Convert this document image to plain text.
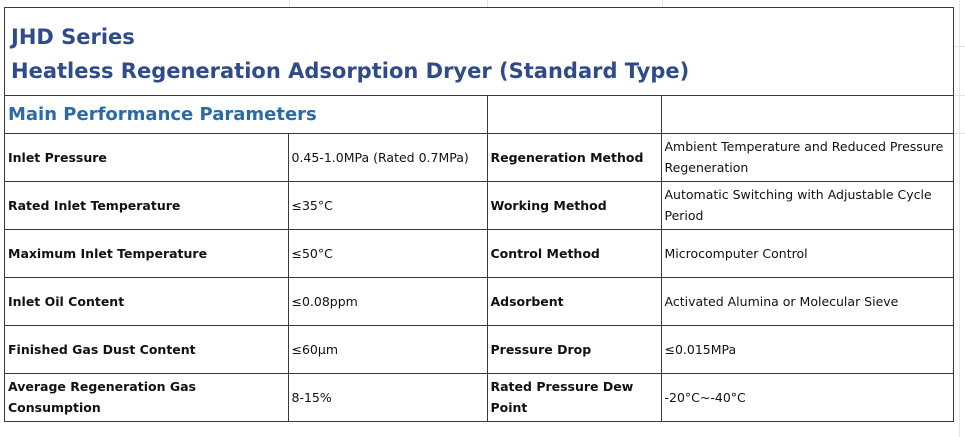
JHD Series
Heatless Regeneration Adsorption Dryer (Standard Type)
Main Performance Parameters			
Inlet Pressure	0.45-1.0MPa (Rated 0.7MPa)	Regeneration Method	Ambient Temperature and Reduced Pressure Regeneration
Rated Inlet Temperature	≤35°C	Working Method	Automatic Switching with Adjustable Cycle Period
Maximum Inlet Temperature	≤50°C	Control Method	Microcomputer Control
Inlet Oil Content	≤0.08ppm	Adsorbent	Activated Alumina or Molecular Sieve
Finished Gas Dust Content	≤60μm	Pressure Drop	≤0.015MPa
Average Regeneration Gas Consumption	8-15%	Rated Pressure Dew Point	-20°C~-40°C
